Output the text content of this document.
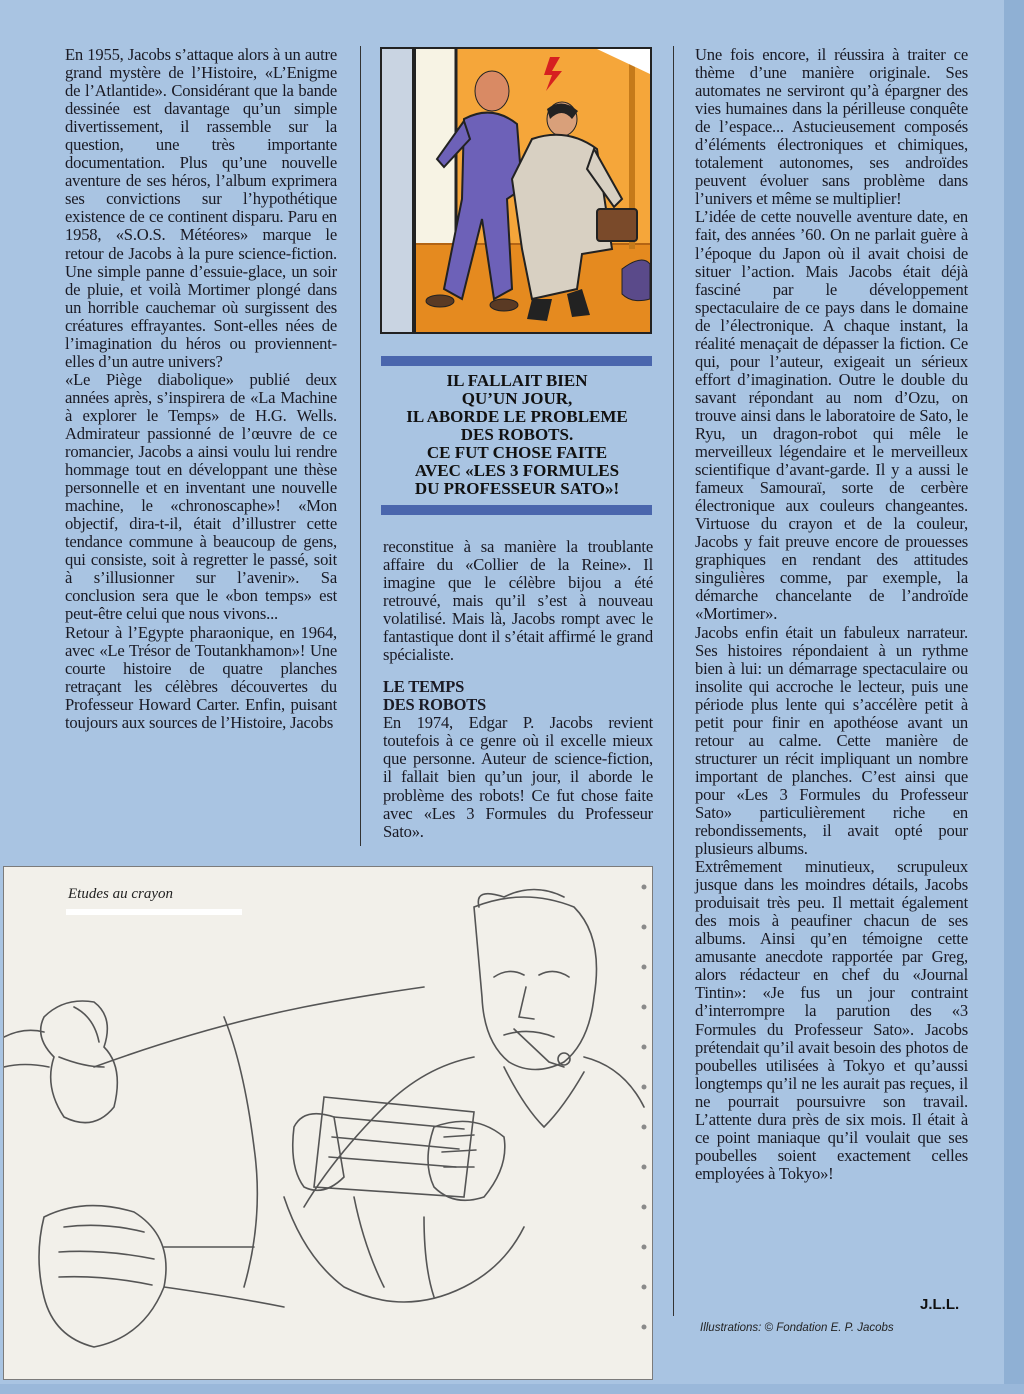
En 1955, Jacobs s’attaque alors à un autre grand mystère de l’Histoire, «L’Enigme de l’Atlantide». Considérant que la bande dessinée est davantage qu’un simple divertissement, il rassemble sur la question, une très importante documentation. Plus qu’une nouvelle aventure de ses héros, l’album exprimera ses convictions sur l’hypothétique existence de ce continent disparu. Paru en 1958, «S.O.S. Météores» marque le retour de Jacobs à la pure science-fiction. Une simple panne d’essuie-glace, un soir de pluie, et voilà Mortimer plongé dans un horrible cauchemar où surgissent des créatures effrayantes. Sont-elles nées de l’imagination du héros ou proviennent-elles d’un autre univers?

«Le Piège diabolique» publié deux années après, s’inspirera de «La Machine à explorer le Temps» de H.G. Wells. Admirateur passionné de l’œuvre de ce romancier, Jacobs a ainsi voulu lui rendre hommage tout en développant une thèse personnelle et en inventant une nouvelle machine, le «chronoscaphe»! «Mon objectif, dira-t-il, était d’illustrer cette tendance commune à beaucoup de gens, qui consiste, soit à regretter le passé, soit à s’illusionner sur l’avenir». Sa conclusion sera que le «bon temps» est peut-être celui que nous vivons...

Retour à l’Egypte pharaonique, en 1964, avec «Le Trésor de Toutankhamon»! Une courte histoire de quatre planches retraçant les célèbres découvertes du Professeur Howard Carter. Enfin, puisant toujours aux sources de l’Histoire, Jacobs

IL FALLAIT BIEN
QU’UN JOUR,
IL ABORDE LE PROBLEME
DES ROBOTS.
CE FUT CHOSE FAITE
AVEC «LES 3 FORMULES
DU PROFESSEUR SATO»!

reconstitue à sa manière la troublante affaire du «Collier de la Reine». Il imagine que le célèbre bijou a été retrouvé, mais qu’il s’est à nouveau volatilisé. Mais là, Jacobs rompt avec le fantastique dont il s’était affirmé le grand spécialiste.

LE TEMPS
DES ROBOTS

En 1974, Edgar P. Jacobs revient toutefois à ce genre où il excelle mieux que personne. Auteur de science-fiction, il fallait bien qu’un jour, il aborde le problème des robots! Ce fut chose faite avec «Les 3 Formules du Professeur Sato».

Une fois encore, il réussira à traiter ce thème d’une manière originale. Ses automates ne serviront qu’à épargner des vies humaines dans la périlleuse conquête de l’espace... Astucieusement composés d’éléments électroniques et chimiques, totalement autonomes, ses androïdes peuvent évoluer sans problème dans l’univers et même se multiplier!

L’idée de cette nouvelle aventure date, en fait, des années ’60. On ne parlait guère à l’époque du Japon où il avait choisi de situer l’action. Mais Jacobs était déjà fasciné par le développement spectaculaire de ce pays dans le domaine de l’électronique. A chaque instant, la réalité menaçait de dépasser la fiction. Ce qui, pour l’auteur, exigeait un sérieux effort d’imagination. Outre le double du savant répondant au nom d’Ozu, on trouve ainsi dans le laboratoire de Sato, le Ryu, un dragon-robot qui mêle le merveilleux légendaire et le merveilleux scientifique d’avant-garde. Il y a aussi le fameux Samouraï, sorte de cerbère électronique aux couleurs changeantes. Virtuose du crayon et de la couleur, Jacobs y fait preuve encore de prouesses graphiques en rendant des attitudes singulières comme, par exemple, la démarche chancelante de l’androïde «Mortimer».

Jacobs enfin était un fabuleux narrateur. Ses histoires répondaient à un rythme bien à lui: un démarrage spectaculaire ou insolite qui accroche le lecteur, puis une période plus lente qui s’accélère petit à petit pour finir en apothéose avant un retour au calme. Cette manière de structurer un récit impliquant un nombre important de planches. C’est ainsi que pour «Les 3 Formules du Professeur Sato» particulièrement riche en rebondissements, il avait opté pour plusieurs albums.

Extrêmement minutieux, scrupuleux jusque dans les moindres détails, Jacobs produisait très peu. Il mettait également des mois à peaufiner chacun de ses albums. Ainsi qu’en témoigne cette amusante anecdote rapportée par Greg, alors rédacteur en chef du «Journal Tintin»: «Je fus un jour contraint d’interrompre la parution des «3 Formules du Professeur Sato». Jacobs prétendait qu’il avait besoin des photos de poubelles utilisées à Tokyo et qu’aussi longtemps qu’il ne les aurait pas reçues, il ne pourrait poursuivre son travail. L’attente dura près de six mois. Il était à ce point maniaque qu’il voulait que ses poubelles soient exactement celles employées à Tokyo»!

J.L.L.
Illustrations: © Fondation E. P. Jacobs
Etudes au crayon
